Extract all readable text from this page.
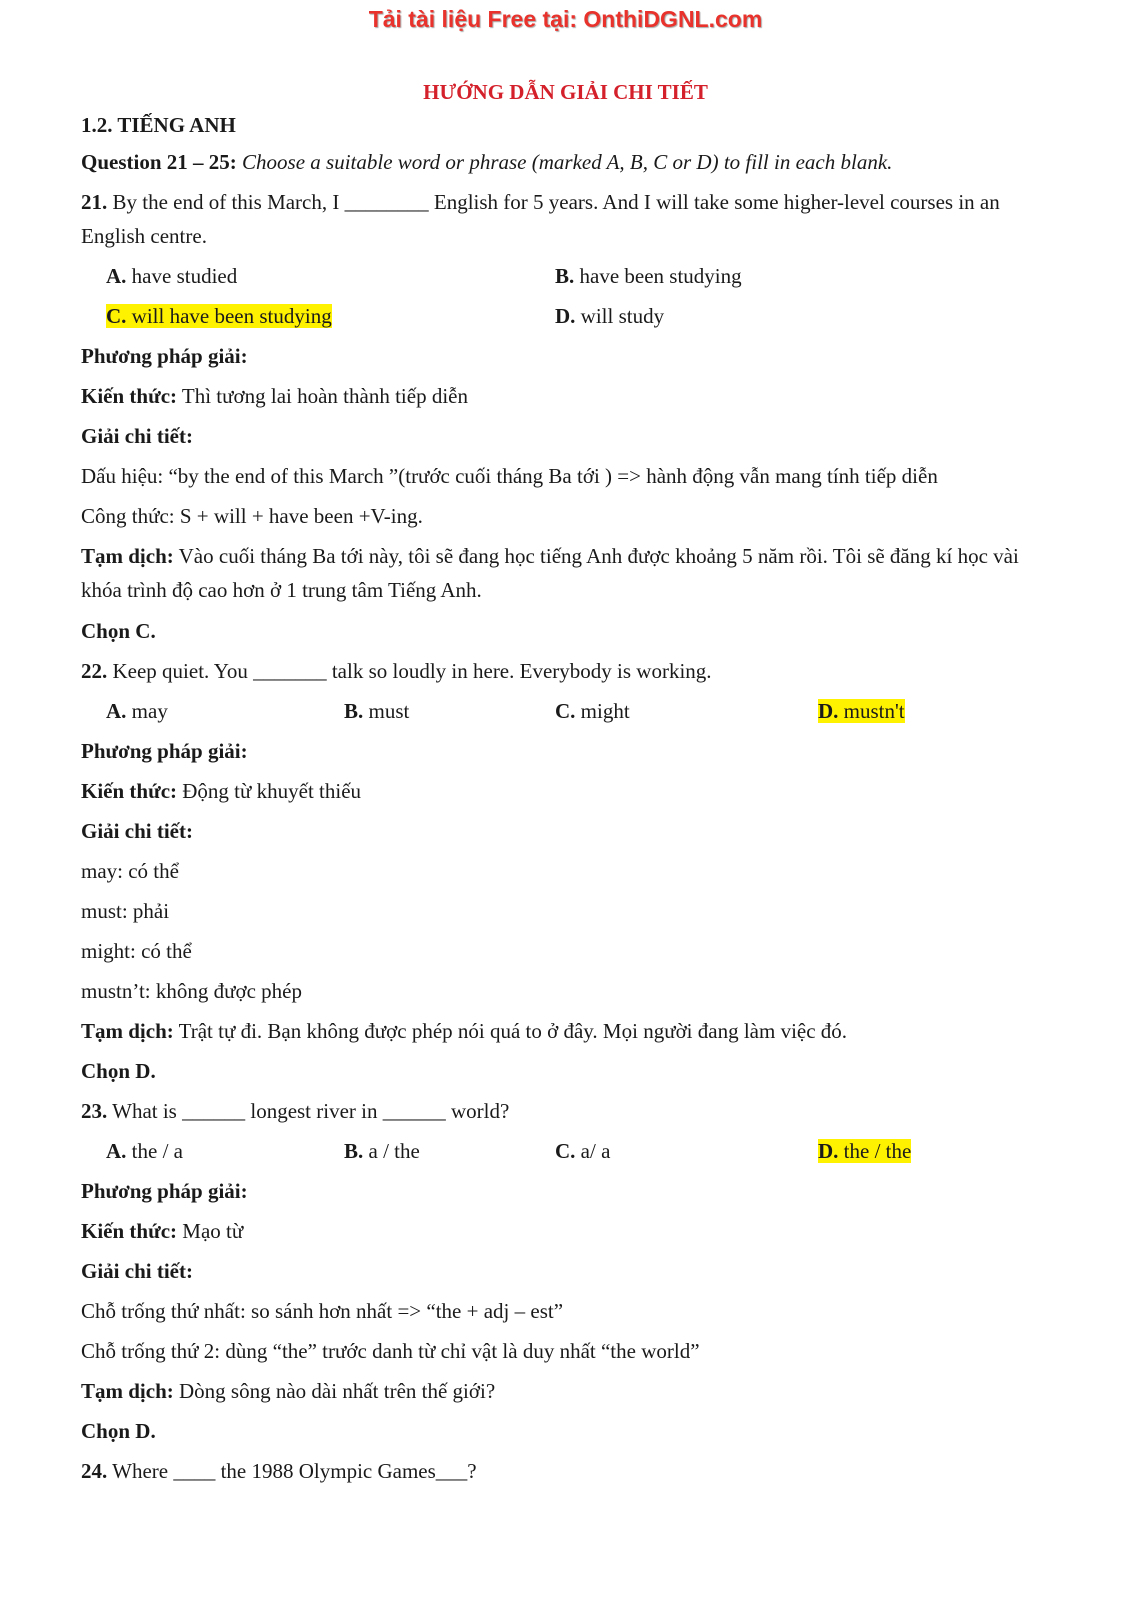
Tải tài liệu Free tại: OnthiDGNL.com
HƯỚNG DẪN GIẢI CHI TIẾT
1.2. TIẾNG ANH
Question 21 – 25: Choose a suitable word or phrase (marked A, B, C or D) to fill in each blank.
21. By the end of this March, I ________ English for 5 years. And I will take some higher-level courses in an English centre.
A. have studied	B. have been studying
C. will have been studying	D. will study
Phương pháp giải:
Kiến thức: Thì tương lai hoàn thành tiếp diễn
Giải chi tiết:
Dấu hiệu: “by the end of this March ”(trước cuối tháng Ba tới ) => hành động vẫn mang tính tiếp diễn
Công thức: S + will + have been +V-ing.
Tạm dịch: Vào cuối tháng Ba tới này, tôi sẽ đang học tiếng Anh được khoảng 5 năm rồi. Tôi sẽ đăng kí học vài khóa trình độ cao hơn ở 1 trung tâm Tiếng Anh.
Chọn C.
22. Keep quiet. You _______ talk so loudly in here. Everybody is working.
A. may	B. must	C. might	D. mustn't
Phương pháp giải:
Kiến thức: Động từ khuyết thiếu
Giải chi tiết:
may: có thể
must: phải
might: có thể
mustn’t: không được phép
Tạm dịch: Trật tự đi. Bạn không được phép nói quá to ở đây. Mọi người đang làm việc đó.
Chọn D.
23. What is ______ longest river in ______ world?
A. the / a	B. a / the	C. a/ a	D. the / the
Phương pháp giải:
Kiến thức: Mạo từ
Giải chi tiết:
Chỗ trống thứ nhất: so sánh hơn nhất => “the + adj – est”
Chỗ trống thứ 2: dùng “the” trước danh từ chỉ vật là duy nhất “the world”
Tạm dịch: Dòng sông nào dài nhất trên thế giới?
Chọn D.
24. Where ____ the 1988 Olympic Games___?
